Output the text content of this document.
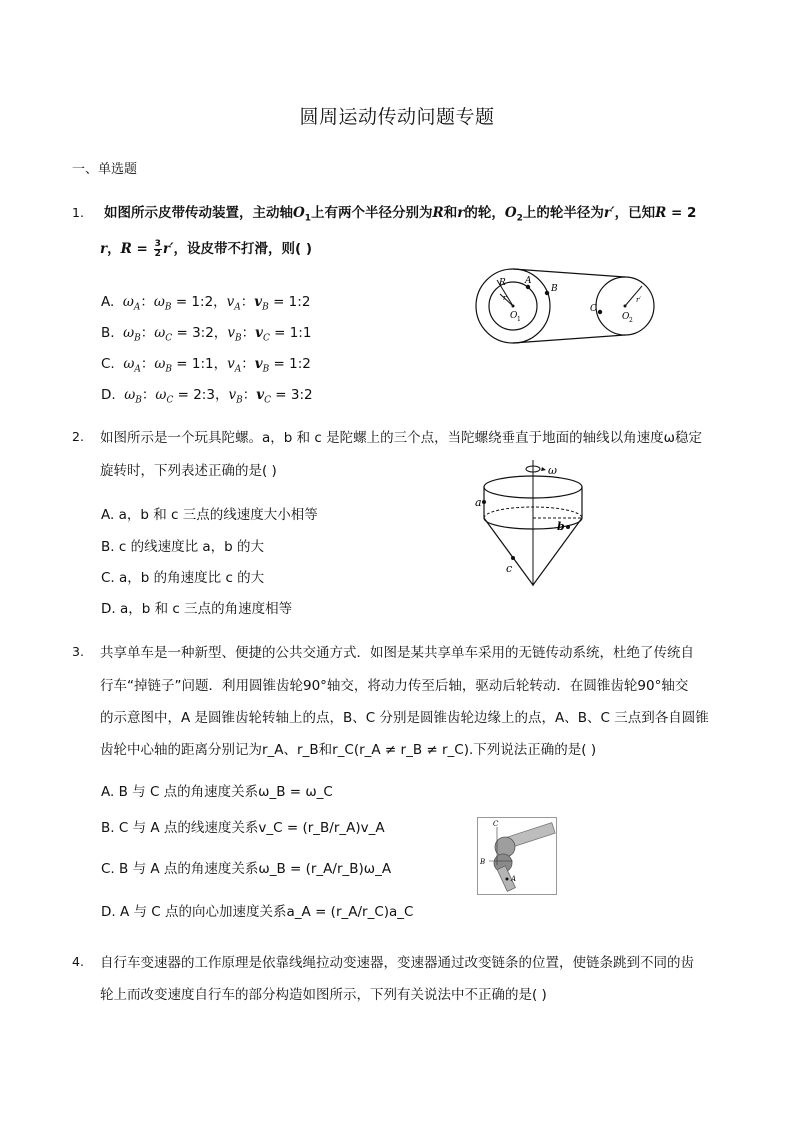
圆周运动传动问题专题
一、单选题
1. 如图所示皮带传动装置，主动轴$O_1$上有两个半径分别为R和r的轮，$O_2$上的轮半径为r′，已知R = 2
r，$R = \frac{3}{2} r'$，设皮带不打滑，则( )
A.  $\omega_A$：$\omega_B$ = 1:2，$v_A$：$v_B$ = 1:2
B.  $\omega_B$：$\omega_C$ = 3:2，$v_B$：$v_C$ = 1:1
C.  $\omega_A$：$\omega_B$ = 1:1，$v_A$：$v_B$ = 1:2
D.  $\omega_B$：$\omega_C$ = 2:3，$v_B$：$v_C$ = 3:2
R A
B
C
r
O 1	O 2
r′
2. 如图所示是一个玩具陀螺。a，b 和 c 是陀螺上的三个点，当陀螺绕垂直于地面的轴线以角速度ω稳定
旋转时，下列表述正确的是( )
A. a，b 和 c 三点的线速度大小相等
B. c 的线速度比 a，b 的大
C. a，b 的角速度比 c 的大
D. a，b 和 c 三点的角速度相等
ω
a
b
c
3. 共享单车是一种新型、便捷的公共交通方式．如图是某共享单车采用的无链传动系统，杜绝了传统自
行车“掉链子”问题．利用圆锥齿轮90°轴交，将动力传至后轴，驱动后轮转动．在圆锥齿轮90°轴交
的示意图中，A 是圆锥齿轮转轴上的点，B、C 分别是圆锥齿轮边缘上的点，A、B、C 三点到各自圆锥
齿轮中心轴的距离分别记为r_A、r_B和r_C(r_A ≠ r_B ≠ r_C).下列说法正确的是( )
A. B 与 C 点的角速度关系ω_B = ω_C
B. C 与 A 点的线速度关系v_C = (r_B/r_A)v_A
C. B 与 A 点的角速度关系ω_B = (r_A/r_B)ω_A
D. A 与 C 点的向心加速度关系a_A = (r_A/r_C)a_C
C
B
A
4. 自行车变速器的工作原理是依靠线绳拉动变速器，变速器通过改变链条的位置，使链条跳到不同的齿
轮上而改变速度自行车的部分构造如图所示，下列有关说法中不正确的是( )
